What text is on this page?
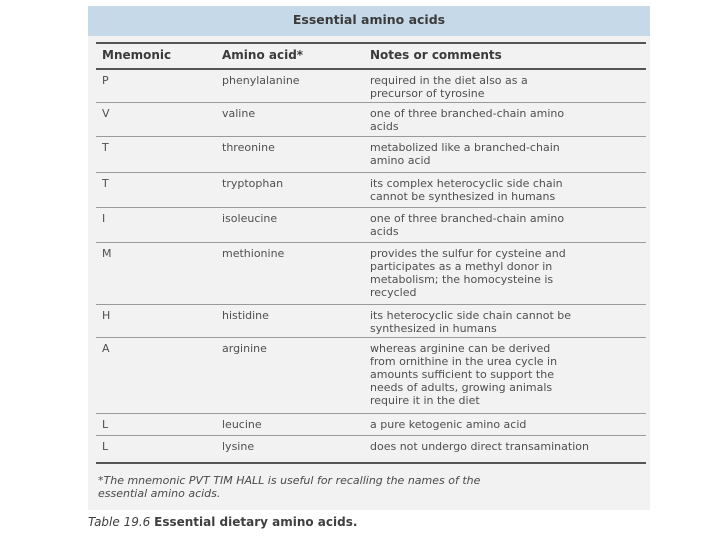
Essential amino acids
Mnemonic	Amino acid*	Notes or comments
P	phenylalanine	required in the diet also as a
precursor of tyrosine
V	valine	one of three branched-chain amino
acids
T	threonine	metabolized like a branched-chain
amino acid
T	tryptophan	its complex heterocyclic side chain
cannot be synthesized in humans
I	isoleucine	one of three branched-chain amino
acids
M	methionine	provides the sulfur for cysteine and
participates as a methyl donor in
metabolism; the homocysteine is
recycled
H	histidine	its heterocyclic side chain cannot be
synthesized in humans
A	arginine	whereas arginine can be derived
from ornithine in the urea cycle in
amounts sufficient to support the
needs of adults, growing animals
require it in the diet
L	leucine	a pure ketogenic amino acid
L	lysine	does not undergo direct transamination
*The mnemonic PVT TIM HALL is useful for recalling the names of the
essential amino acids.
Table 19.6 Essential dietary amino acids.
